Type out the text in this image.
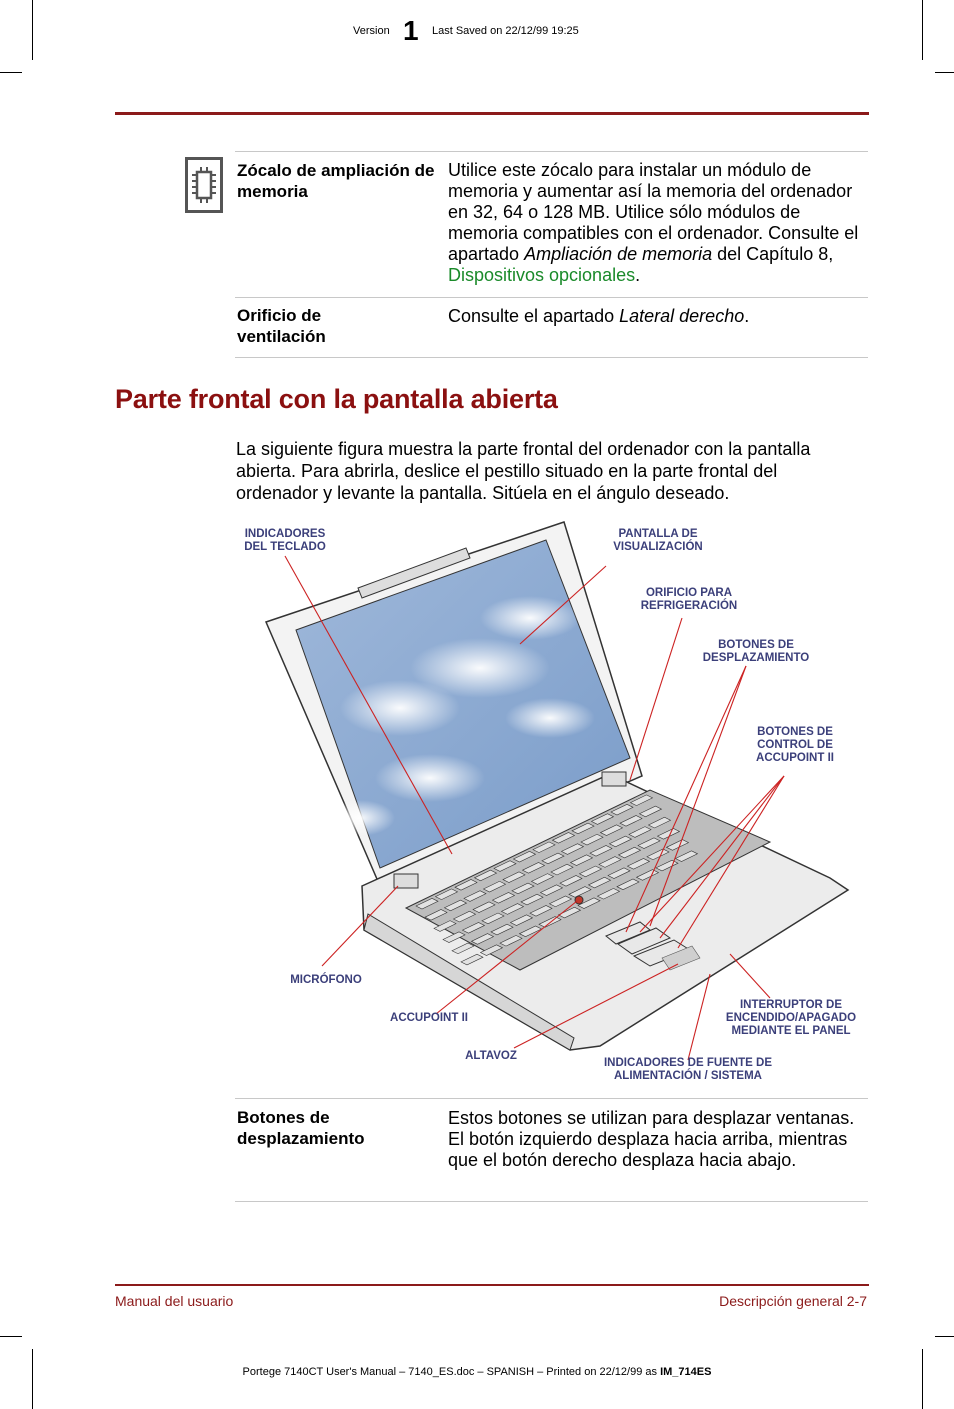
Version 1 Last Saved on 22/12/99 19:25
Zócalo de ampliación de memoria
Utilice este zócalo para instalar un módulo de memoria y aumentar así la memoria del ordenador en 32, 64 o 128 MB. Utilice sólo módulos de memoria compatibles con el ordenador. Consulte el apartado Ampliación de memoria del Capítulo 8, Dispositivos opcionales.
Orificio de ventilación
Consulte el apartado Lateral derecho.
Parte frontal con la pantalla abierta
La siguiente figura muestra la parte frontal del ordenador con la pantalla abierta. Para abrirla, deslice el pestillo situado en la parte frontal del ordenador y levante la pantalla. Sitúela en el ángulo deseado.
INDICADORES
DEL TECLADO
PANTALLA DE
VISUALIZACIÓN
ORIFICIO PARA
REFRIGERACIÓN
BOTONES DE
DESPLAZAMIENTO
BOTONES DE
CONTROL DE
ACCUPOINT II
MICRÓFONO
ACCUPOINT II
ALTAVOZ
INTERRUPTOR DE
ENCENDIDO/APAGADO
MEDIANTE EL PANEL
INDICADORES DE FUENTE DE
ALIMENTACIÓN / SISTEMA
Botones de desplazamiento
Estos botones se utilizan para desplazar ventanas. El botón izquierdo desplaza hacia arriba, mientras que el botón derecho desplaza hacia abajo.
Manual del usuario	Descripción general 2-7
Portege 7140CT User's Manual – 7140_ES.doc – SPANISH – Printed on 22/12/99 as IM_714ES
